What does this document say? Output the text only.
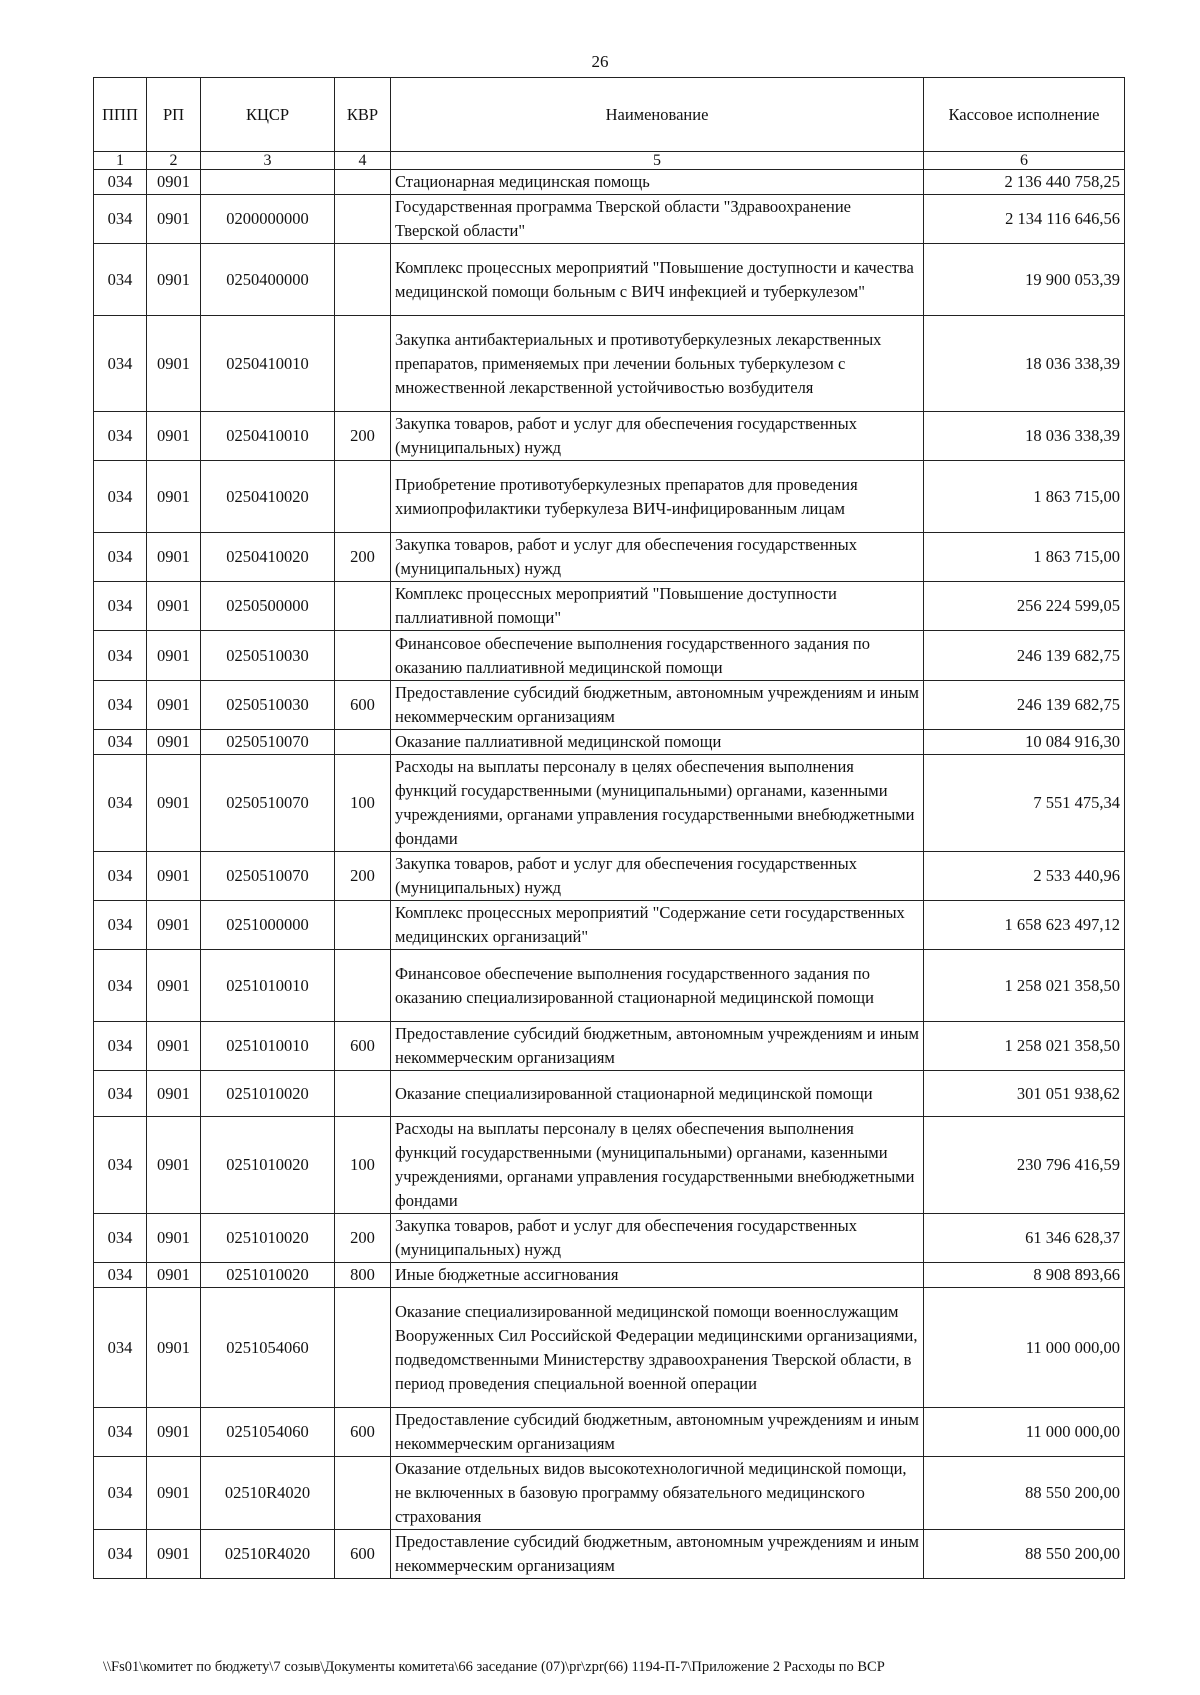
26
ППП	РП	КЦСР	КВР	Наименование	Кассовое исполнение
1	2	3	4	5	6
034	0901			Стационарная медицинская помощь	2 136 440 758,25
034	0901	0200000000		Государственная программа Тверской области "Здравоохранение Тверской области"	2 134 116 646,56
034	0901	0250400000		Комплекс процессных мероприятий "Повышение доступности и качества медицинской помощи больным с ВИЧ инфекцией и туберкулезом"	19 900 053,39
034	0901	0250410010		Закупка антибактериальных и противотуберкулезных лекарственных препаратов, применяемых при лечении больных туберкулезом с множественной лекарственной устойчивостью возбудителя	18 036 338,39
034	0901	0250410010	200	Закупка товаров, работ и услуг для обеспечения государственных (муниципальных) нужд	18 036 338,39
034	0901	0250410020		Приобретение противотуберкулезных препаратов для проведения химиопрофилактики туберкулеза ВИЧ-инфицированным лицам	1 863 715,00
034	0901	0250410020	200	Закупка товаров, работ и услуг для обеспечения государственных (муниципальных) нужд	1 863 715,00
034	0901	0250500000		Комплекс процессных мероприятий "Повышение доступности паллиативной помощи"	256 224 599,05
034	0901	0250510030		Финансовое обеспечение выполнения государственного задания по оказанию паллиативной медицинской помощи	246 139 682,75
034	0901	0250510030	600	Предоставление субсидий бюджетным, автономным учреждениям и иным некоммерческим организациям	246 139 682,75
034	0901	0250510070		Оказание паллиативной медицинской помощи	10 084 916,30
034	0901	0250510070	100	Расходы на выплаты персоналу в целях обеспечения выполнения функций государственными (муниципальными) органами, казенными учреждениями, органами управления государственными внебюджетными фондами	7 551 475,34
034	0901	0250510070	200	Закупка товаров, работ и услуг для обеспечения государственных (муниципальных) нужд	2 533 440,96
034	0901	0251000000		Комплекс процессных мероприятий "Содержание сети государственных медицинских организаций"	1 658 623 497,12
034	0901	0251010010		Финансовое обеспечение выполнения государственного задания по оказанию специализированной стационарной медицинской помощи	1 258 021 358,50
034	0901	0251010010	600	Предоставление субсидий бюджетным, автономным учреждениям и иным некоммерческим организациям	1 258 021 358,50
034	0901	0251010020		Оказание специализированной стационарной медицинской помощи	301 051 938,62
034	0901	0251010020	100	Расходы на выплаты персоналу в целях обеспечения выполнения функций государственными (муниципальными) органами, казенными учреждениями, органами управления государственными внебюджетными фондами	230 796 416,59
034	0901	0251010020	200	Закупка товаров, работ и услуг для обеспечения государственных (муниципальных) нужд	61 346 628,37
034	0901	0251010020	800	Иные бюджетные ассигнования	8 908 893,66
034	0901	0251054060		Оказание специализированной медицинской помощи военнослужащим Вооруженных Сил Российской Федерации медицинскими организациями, подведомственными Министерству здравоохранения Тверской области, в период проведения специальной военной операции	11 000 000,00
034	0901	0251054060	600	Предоставление субсидий бюджетным, автономным учреждениям и иным некоммерческим организациям	11 000 000,00
034	0901	02510R4020		Оказание отдельных видов высокотехнологичной медицинской помощи, не включенных в базовую программу обязательного медицинского страхования	88 550 200,00
034	0901	02510R4020	600	Предоставление субсидий бюджетным, автономным учреждениям и иным некоммерческим организациям	88 550 200,00
\\Fs01\комитет по бюджету\7 созыв\Документы комитета\66 заседание (07)\pr\zpr(66) 1194-П-7\Приложение 2 Расходы по ВСР
